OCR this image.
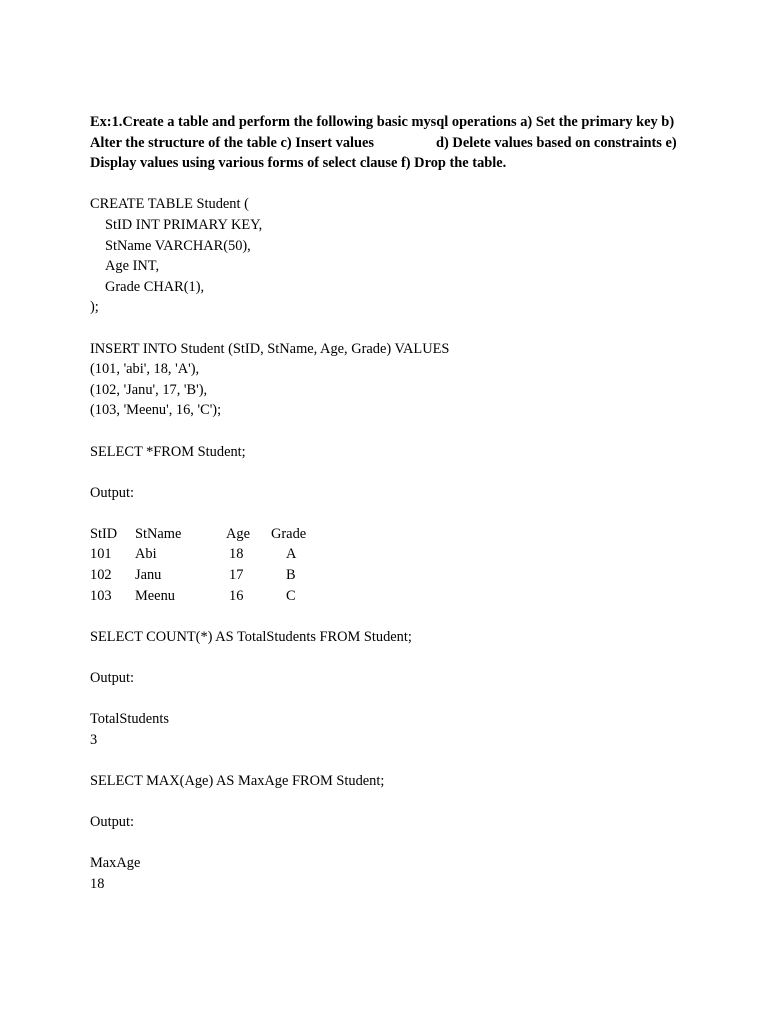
Ex:1.Create a table and perform the following basic mysql operations a) Set the primary key b) Alter the structure of the table c) Insert values	d) Delete values based on constraints e) Display values using various forms of select clause f) Drop the table.

CREATE TABLE Student (
StID INT PRIMARY KEY,
StName VARCHAR(50),
Age INT,
Grade CHAR(1),
);
INSERT INTO Student (StID, StName, Age, Grade) VALUES
(101, 'abi', 18, 'A'),
(102, 'Janu', 17, 'B'),
(103, 'Meenu', 16, 'C');
SELECT *FROM Student;
Output:
StID StName	Age Grade
101 Abi	18	A
102 Janu	17	B
103 Meenu	16	C
SELECT COUNT(*) AS TotalStudents FROM Student;
Output:
TotalStudents
3
SELECT MAX(Age) AS MaxAge FROM Student;
Output:
MaxAge
18
